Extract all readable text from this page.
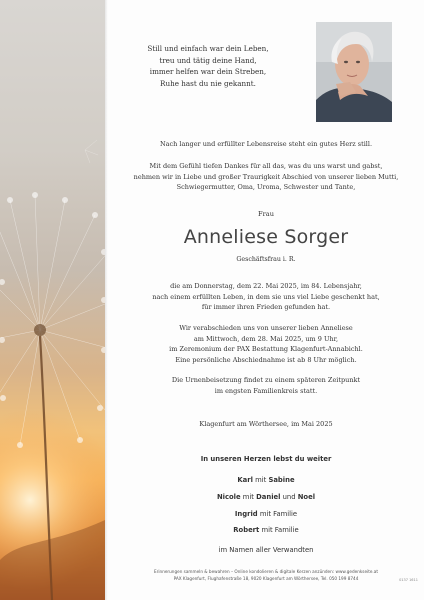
Still und einfach war dein Leben,
treu und tätig deine Hand,
immer helfen war dein Streben,
Ruhe hast du nie gekannt.
Nach langer und erfüllter Lebensreise steht ein gutes Herz still.
Mit dem Gefühl tiefen Dankes für all das, was du uns warst und gabst,
nehmen wir in Liebe und großer Traurigkeit Abschied von unserer lieben Mutti,
Schwiegermutter, Oma, Uroma, Schwester und Tante,
Frau
Anneliese Sorger
Geschäftsfrau i. R.
die am Donnerstag, dem 22. Mai 2025, im 84. Lebensjahr,
nach einem erfüllten Leben, in dem sie uns viel Liebe geschenkt hat,
für immer ihren Frieden gefunden hat.
Wir verabschieden uns von unserer lieben Anneliese
am Mittwoch, dem 28. Mai 2025, um 9 Uhr,
im Zeremonium der PAX Bestattung Klagenfurt-Annabichl.
Eine persönliche Abschiednahme ist ab 8 Uhr möglich.
Die Urnenbeisetzung findet zu einem späteren Zeitpunkt
im engsten Familienkreis statt.
Klagenfurt am Wörthersee, im Mai 2025
In unseren Herzen lebst du weiter
Karl mit Sabine
Nicole mit Daniel und Noel
Ingrid mit Familie
Robert mit Familie
im Namen aller Verwandten
Erinnerungen sammeln & bewahren – Online kondolieren & digitale Kerzen anzünden: www.gedenkseite.at
PAX Klagenfurt, Flughafenstraße 18, 9020 Klagenfurt am Wörthersee, Tel. 050 199 8744	0137 1611
